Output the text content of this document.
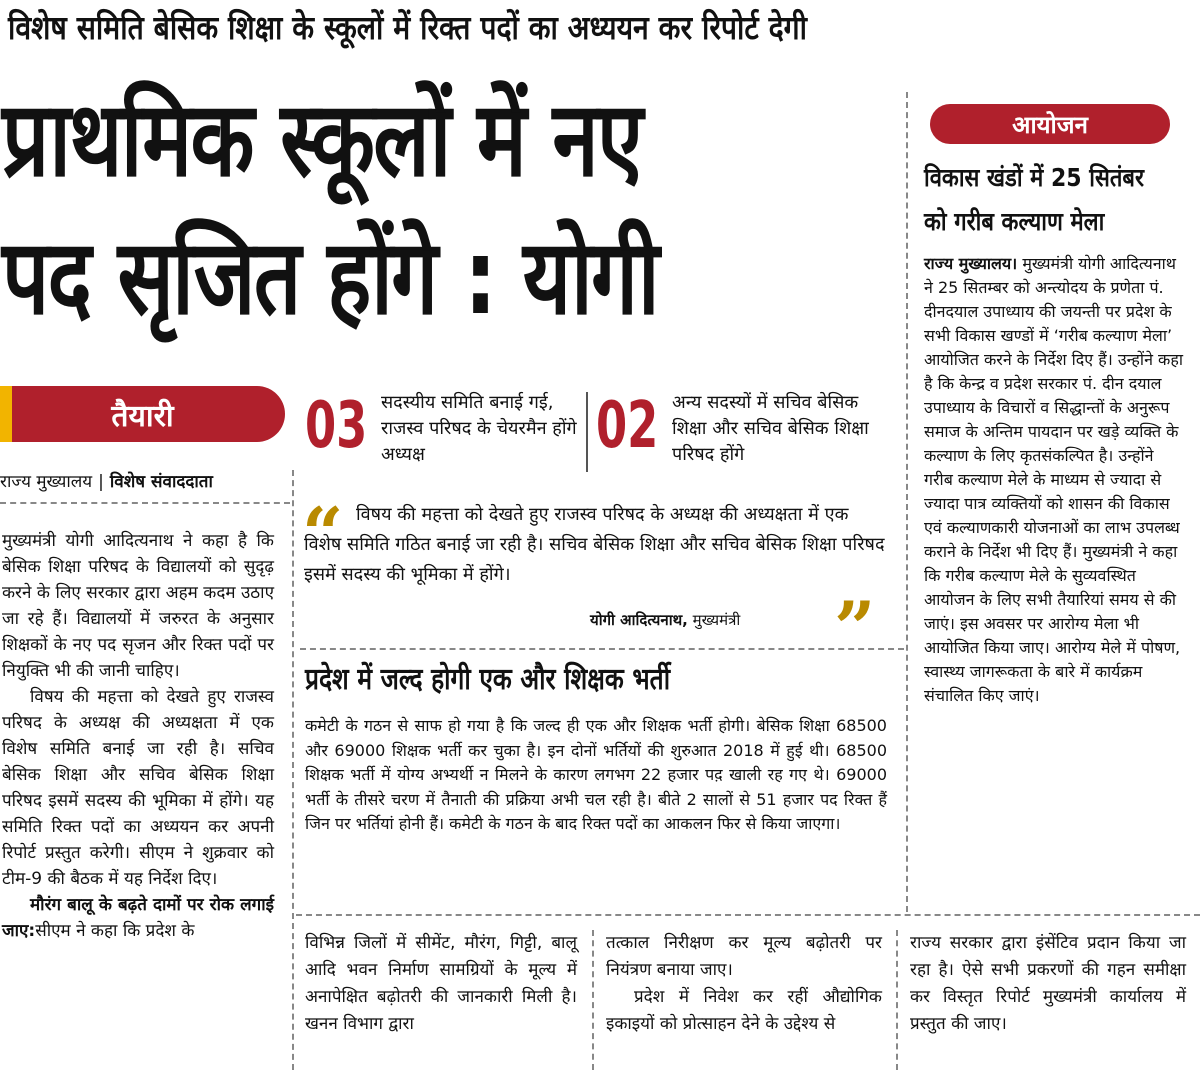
विशेष समिति बेसिक शिक्षा के स्कूलों में रिक्त पदों का अध्ययन कर रिपोर्ट देगी
प्राथमिक स्कूलों में नए
पद सृजित होंगे : योगी
तैयारी
राज्य मुख्यालय | विशेष संवाददाता

मुख्यमंत्री योगी आदित्यनाथ ने कहा है कि बेसिक शिक्षा परिषद के विद्यालयों को सुदृढ़ करने के लिए सरकार द्वारा अहम कदम उठाए जा रहे हैं। विद्यालयों में जरुरत के अनुसार शिक्षकों के नए पद सृजन और रिक्त पदों पर नियुक्ति भी की जानी चाहिए।

विषय की महत्ता को देखते हुए राजस्व परिषद के अध्यक्ष की अध्यक्षता में एक विशेष समिति बनाई जा रही है। सचिव बेसिक शिक्षा और सचिव बेसिक शिक्षा परिषद इसमें सदस्य की भूमिका में होंगे। यह समिति रिक्त पदों का अध्ययन कर अपनी रिपोर्ट प्रस्तुत करेगी। सीएम ने शुक्रवार को टीम-9 की बैठक में यह निर्देश दिए।

मौरंग बालू के बढ़ते दामों पर रोक लगाई जाए:सीएम ने कहा कि प्रदेश के

03 सदस्यीय समिति बनाई गई, राजस्व परिषद के चेयरमैन होंगे अध्यक्ष	02 अन्य सदस्यों में सचिव बेसिक शिक्षा और सचिव बेसिक शिक्षा परिषद होंगे
“ विषय की महत्ता को देखते हुए राजस्व परिषद के अध्यक्ष की अध्यक्षता में एक विशेष समिति गठित बनाई जा रही है। सचिव बेसिक शिक्षा और सचिव बेसिक शिक्षा परिषद इसमें सदस्य की भूमिका में होंगे।
योगी आदित्यनाथ, मुख्यमंत्री ”
प्रदेश में जल्द होगी एक और शिक्षक भर्ती
कमेटी के गठन से साफ हो गया है कि जल्द ही एक और शिक्षक भर्ती होगी। बेसिक शिक्षा 68500 और 69000 शिक्षक भर्ती कर चुका है। इन दोनों भर्तियों की शुरुआत 2018 में हुई थी। 68500 शिक्षक भर्ती में योग्य अभ्यर्थी न मिलने के कारण लगभग 22 हजार पद़ खाली रह गए थे। 69000 भर्ती के तीसरे चरण में तैनाती की प्रक्रिया अभी चल रही है। बीते 2 सालों से 51 हजार पद रिक्त हैं जिन पर भर्तियां होनी हैं। कमेटी के गठन के बाद रिक्त पदों का आकलन फिर से किया जाएगा।
आयोजन
विकास खंडों में 25 सितंबर
को गरीब कल्याण मेला
राज्य मुख्यालय। मुख्यमंत्री योगी आदित्यनाथ ने 25 सितम्बर को अन्त्योदय के प्रणेता पं. दीनदयाल उपाध्याय की जयन्ती पर प्रदेश के सभी विकास खण्डों में ‘गरीब कल्याण मेला’ आयोजित करने के निर्देश दिए हैं। उन्होंने कहा है कि केन्द्र व प्रदेश सरकार पं. दीन दयाल उपाध्याय के विचारों व सिद्धान्तों के अनुरूप समाज के अन्तिम पायदान पर खड़े व्यक्ति के कल्याण के लिए कृतसंकल्पित है। उन्होंने गरीब कल्याण मेले के माध्यम से ज्यादा से ज्यादा पात्र व्यक्तियों को शासन की विकास एवं कल्याणकारी योजनाओं का लाभ उपलब्ध कराने के निर्देश भी दिए हैं। मुख्यमंत्री ने कहा कि गरीब कल्याण मेले के सुव्यवस्थित आयोजन के लिए सभी तैयारियां समय से की जाएं। इस अवसर पर आरोग्य मेला भी आयोजित किया जाए। आरोग्य मेले में पोषण, स्वास्थ्य जागरूकता के बारे में कार्यक्रम संचालित किए जाएं।

विभिन्न जिलों में सीमेंट, मौरंग, गिट्टी, बालू आदि भवन निर्माण सामग्रियों के मूल्य में अनापेक्षित बढ़ोतरी की जानकारी मिली है। खनन विभाग द्वारा

तत्काल निरीक्षण कर मूल्य बढ़ोतरी पर नियंत्रण बनाया जाए।

प्रदेश में निवेश कर रहीं औद्योगिक इकाइयों को प्रोत्साहन देने के उद्देश्य से

राज्य सरकार द्वारा इंसेंटिव प्रदान किया जा रहा है। ऐसे सभी प्रकरणों की गहन समीक्षा कर विस्तृत रिपोर्ट मुख्यमंत्री कार्यालय में प्रस्तुत की जाए।
